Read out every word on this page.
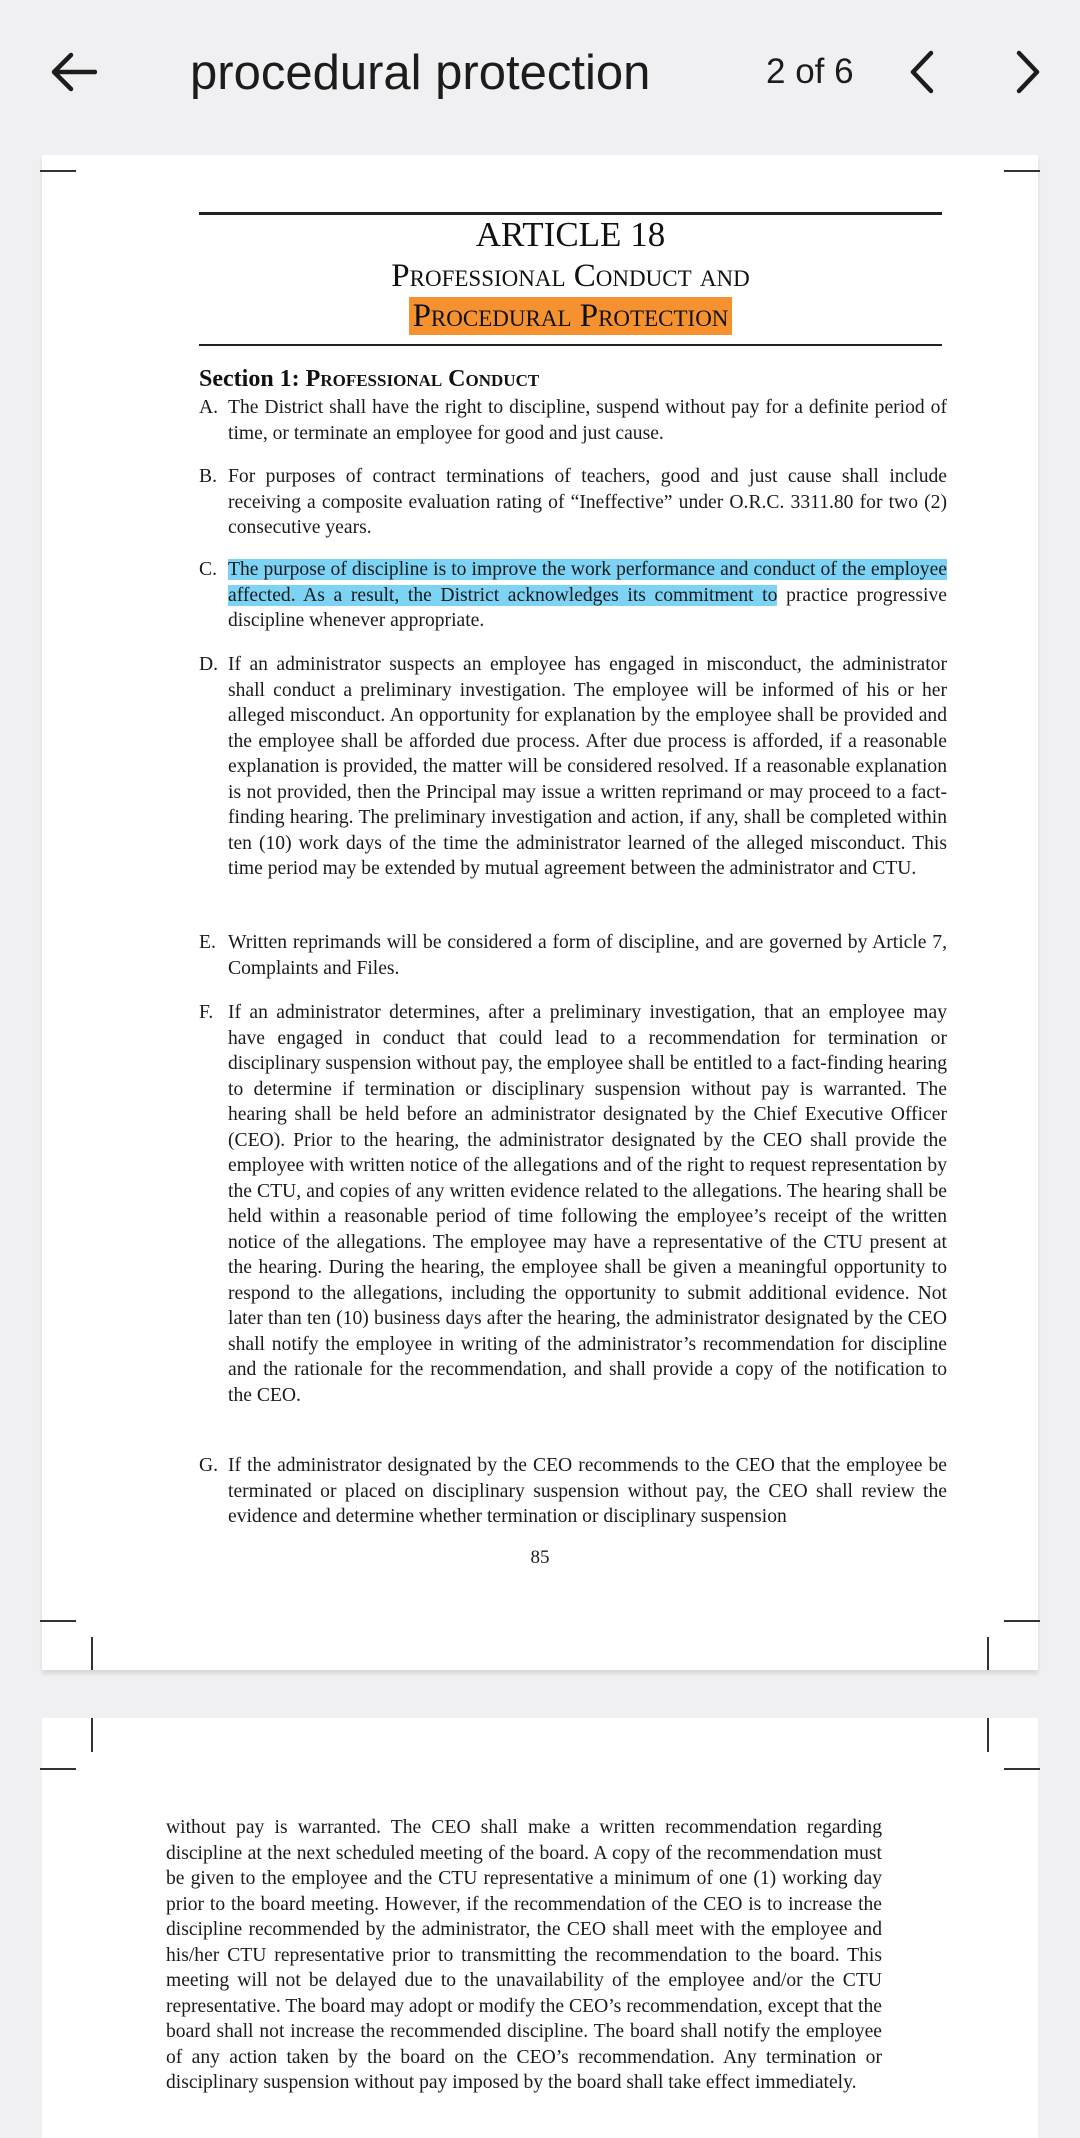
procedural protection	2 of 6
ARTICLE 18
Professional Conduct and
Procedural Protection
Section 1: Professional Conduct
A. The District shall have the right to discipline, suspend without pay for a definite period of time, or terminate an employee for good and just cause.
B. For purposes of contract terminations of teachers, good and just cause shall include receiving a composite evaluation rating of “Ineffective” under O.R.C. 3311.80 for two (2) consecutive years.
C. The purpose of discipline is to improve the work performance and conduct of the employee affected. As a result, the District acknowledges its commitment to practice progressive discipline whenever appropriate.
D. If an administrator suspects an employee has engaged in misconduct, the administrator shall conduct a preliminary investigation. The employee will be informed of his or her alleged misconduct. An opportunity for explanation by the employee shall be provided and the employee shall be afforded due process. After due process is afforded, if a reasonable explanation is provided, the matter will be considered resolved. If a reasonable explanation is not provided, then the Principal may issue a written reprimand or may proceed to a fact-finding hearing. The preliminary investigation and action, if any, shall be completed within ten (10) work days of the time the administrator learned of the alleged misconduct. This time period may be extended by mutual agreement between the administrator and CTU.
E. Written reprimands will be considered a form of discipline, and are governed by Article 7, Complaints and Files.
F. If an administrator determines, after a preliminary investigation, that an employee may have engaged in conduct that could lead to a recommendation for termination or disciplinary suspension without pay, the employee shall be entitled to a fact-finding hearing to determine if termination or disciplinary suspension without pay is warranted. The hearing shall be held before an administrator designated by the Chief Executive Officer (CEO). Prior to the hearing, the administrator designated by the CEO shall provide the employee with written notice of the allegations and of the right to request representation by the CTU, and copies of any written evidence related to the allegations. The hearing shall be held within a reasonable period of time following the employee’s receipt of the written notice of the allegations. The employee may have a representative of the CTU present at the hearing. During the hearing, the employee shall be given a meaningful opportunity to respond to the allegations, including the opportunity to submit additional evidence. Not later than ten (10) business days after the hearing, the administrator designated by the CEO shall notify the employee in writing of the administrator’s recommendation for discipline and the rationale for the recommendation, and shall provide a copy of the notification to the CEO.
G. If the administrator designated by the CEO recommends to the CEO that the employee be terminated or placed on disciplinary suspension without pay, the CEO shall review the evidence and determine whether termination or disciplinary suspension
85
without pay is warranted. The CEO shall make a written recommendation regarding discipline at the next scheduled meeting of the board. A copy of the recommendation must be given to the employee and the CTU representative a minimum of one (1) working day prior to the board meeting. However, if the recommendation of the CEO is to increase the discipline recommended by the administrator, the CEO shall meet with the employee and his/her CTU representative prior to transmitting the recommendation to the board. This meeting will not be delayed due to the unavailability of the employee and/or the CTU representative. The board may adopt or modify the CEO’s recommendation, except that the board shall not increase the recommended discipline. The board shall notify the employee of any action taken by the board on the CEO’s recommendation. Any termination or disciplinary suspension without pay imposed by the board shall take effect immediately.
